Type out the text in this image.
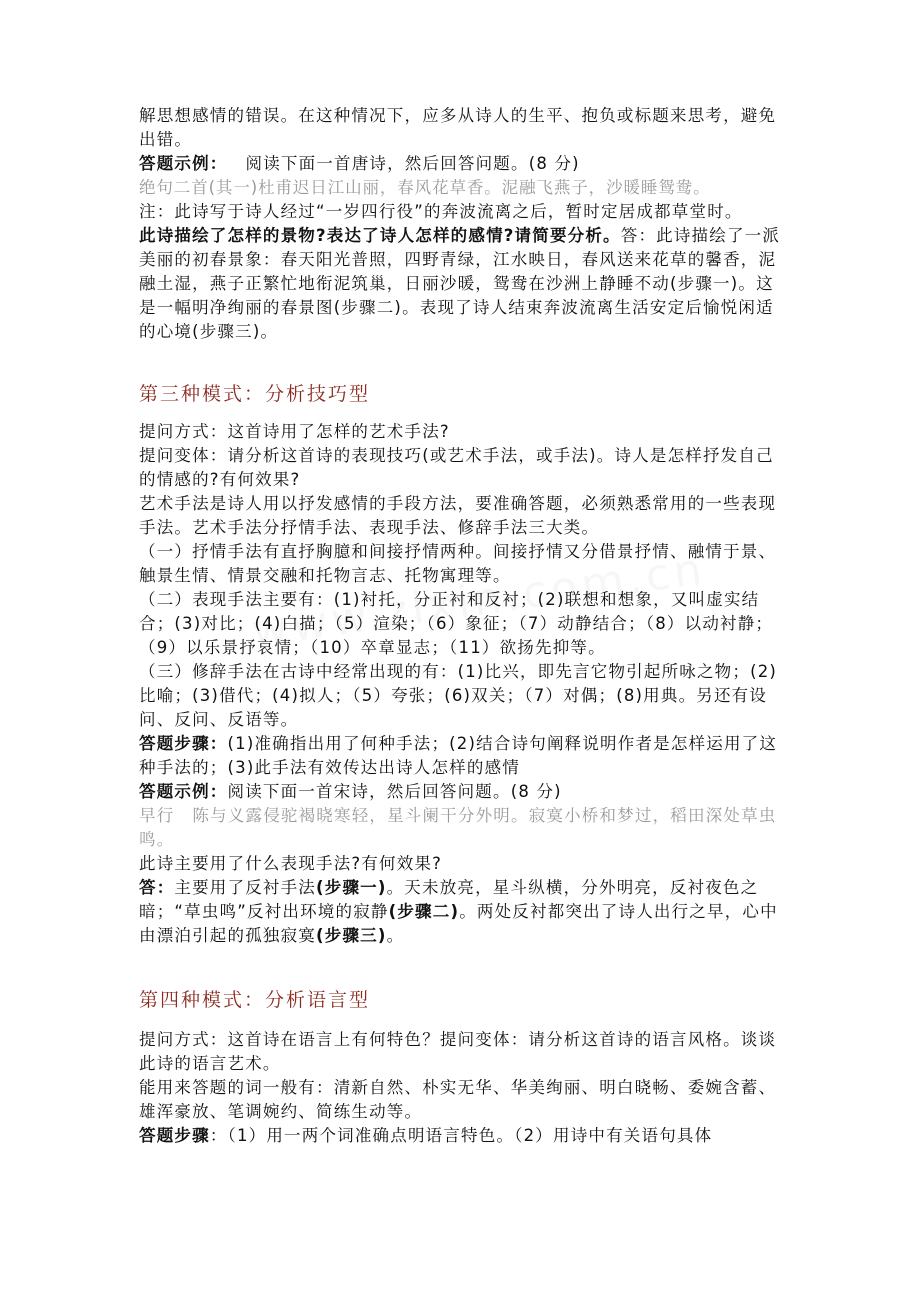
解思想感情的错误。在这种情况下，应多从诗人的生平、抱负或标题来思考，避免出错。

答题示例： 阅读下面一首唐诗，然后回答问题。(8 分)

绝句二首(其一)杜甫迟日江山丽，春风花草香。泥融飞燕子，沙暖睡鸳鸯。

注：此诗写于诗人经过“一岁四行役”的奔波流离之后，暂时定居成都草堂时。

此诗描绘了怎样的景物?表达了诗人怎样的感情?请简要分析。答：此诗描绘了一派美丽的初春景象：春天阳光普照，四野青绿，江水映日，春风送来花草的馨香，泥融土湿，燕子正繁忙地衔泥筑巢，日丽沙暖，鸳鸯在沙洲上静睡不动(步骤一)。这是一幅明净绚丽的春景图(步骤二)。表现了诗人结束奔波流离生活安定后愉悦闲适的心境(步骤三)。

第三种模式：分析技巧型

提问方式：这首诗用了怎样的艺术手法?

提问变体：请分析这首诗的表现技巧(或艺术手法，或手法)。诗人是怎样抒发自己的情感的?有何效果?

艺术手法是诗人用以抒发感情的手段方法，要准确答题，必须熟悉常用的一些表现手法。艺术手法分抒情手法、表现手法、修辞手法三大类。

（一）抒情手法有直抒胸臆和间接抒情两种。间接抒情又分借景抒情、融情于景、触景生情、情景交融和托物言志、托物寓理等。

（二）表现手法主要有：(1)衬托，分正衬和反衬；(2)联想和想象，又叫虚实结合；(3)对比；(4)白描；（5）渲染；（6）象征；（7）动静结合；（8）以动衬静；（9）以乐景抒哀情；（10）卒章显志；（11）欲扬先抑等。

（三）修辞手法在古诗中经常出现的有：(1)比兴，即先言它物引起所咏之物；(2)比喻；(3)借代；(4)拟人；（5）夸张；(6)双关；（7）对偶；(8)用典。另还有设问、反问、反语等。

答题步骤：(1)准确指出用了何种手法；(2)结合诗句阐释说明作者是怎样运用了这种手法的；(3)此手法有效传达出诗人怎样的感情

答题示例：阅读下面一首宋诗，然后回答问题。(8 分)

早行 陈与义露侵驼褐晓寒轻，星斗阑干分外明。寂寞小桥和梦过，稻田深处草虫鸣。

此诗主要用了什么表现手法?有何效果?

答：主要用了反衬手法(步骤一)。天未放亮，星斗纵横，分外明亮，反衬夜色之暗；“草虫鸣”反衬出环境的寂静(步骤二)。两处反衬都突出了诗人出行之早，心中由漂泊引起的孤独寂寞(步骤三)。

第四种模式：分析语言型

提问方式：这首诗在语言上有何特色？提问变体：请分析这首诗的语言风格。谈谈此诗的语言艺术。

能用来答题的词一般有：清新自然、朴实无华、华美绚丽、明白晓畅、委婉含蓄、雄浑豪放、笔调婉约、简练生动等。

答题步骤：（1）用一两个词准确点明语言特色。（2）用诗中有关语句具体
